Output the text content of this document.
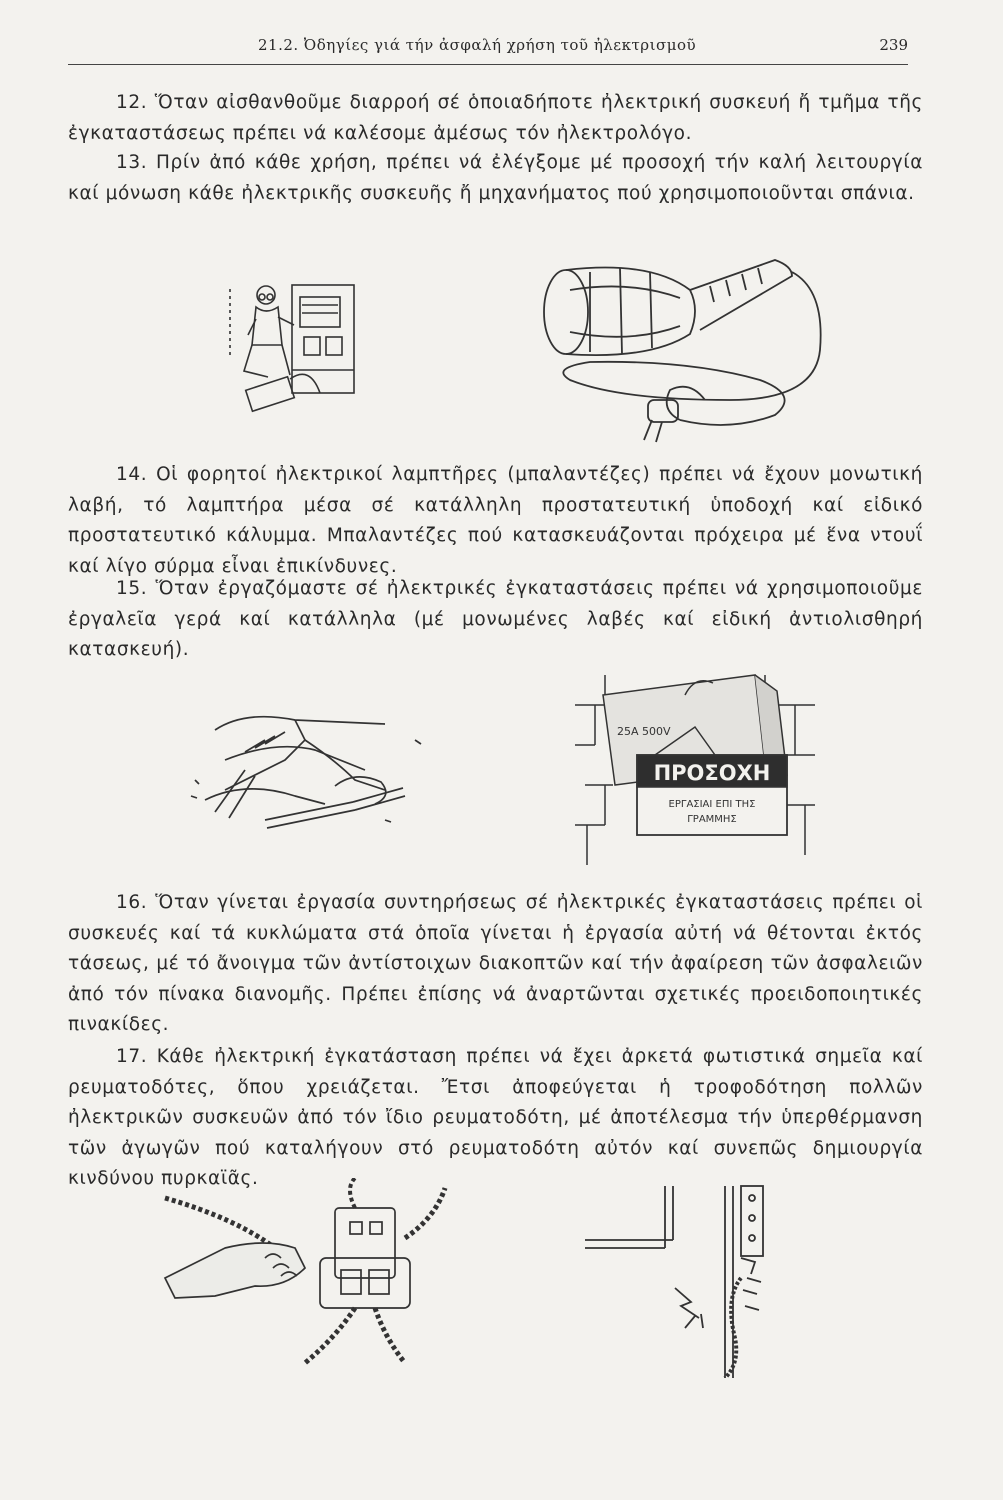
21.2. Ὀδηγίες γιά τήν ἀσφαλή χρήση τοῦ ἠλεκτρισμοῦ	239
12. Ὅταν αἰσθανθοῦμε διαρροή σέ ὁποιαδήποτε ἠλεκτρική συσκευή ἤ τμῆμα τῆς ἐγκαταστάσεως πρέπει νά καλέσομε ἀμέσως τόν ἠλεκτρολόγο.
13. Πρίν ἀπό κάθε χρήση, πρέπει νά ἐλέγξομε μέ προσοχή τήν καλή λειτουργία καί μόνωση κάθε ἠλεκτρικῆς συσκευῆς ἤ μηχανήματος πού χρησιμοποιοῦνται σπάνια.
14. Οἱ φορητοί ἠλεκτρικοί λαμπτῆρες (μπαλαντέζες) πρέπει νά ἔχουν μονωτική λαβή, τό λαμπτήρα μέσα σέ κατάλληλη προστατευτική ὑποδοχή καί εἰδικό προστατευτικό κάλυμμα. Μπαλαντέζες πού κατασκευάζονται πρόχειρα μέ ἕνα ντουΐ καί λίγο σύρμα εἶναι ἐπικίνδυνες.
15. Ὅταν ἐργαζόμαστε σέ ἠλεκτρικές ἐγκαταστάσεις πρέπει νά χρησιμοποιοῦμε ἐργαλεῖα γερά καί κατάλληλα (μέ μονωμένες λαβές καί εἰδική ἀντιολισθηρή κατασκευή).
25A 500V
ΠΡΟΣΟΧΗ
ΕΡΓΑΣΙΑΙ ΕΠΙ ΤΗΣ
ΓΡΑΜΜΗΣ
16. Ὅταν γίνεται ἐργασία συντηρήσεως σέ ἠλεκτρικές ἐγκαταστάσεις πρέπει οἱ συσκευές καί τά κυκλώματα στά ὁποῖα γίνεται ἡ ἐργασία αὐτή νά θέτονται ἐκτός τάσεως, μέ τό ἄνοιγμα τῶν ἀντίστοιχων διακοπτῶν καί τήν ἀφαίρεση τῶν ἀσφαλειῶν ἀπό τόν πίνακα διανομῆς. Πρέπει ἐπίσης νά ἀναρτῶνται σχετικές προειδοποιητικές πινακίδες.
17. Κάθε ἠλεκτρική ἐγκατάσταση πρέπει νά ἔχει ἀρκετά φωτιστικά σημεῖα καί ρευματοδότες, ὅπου χρειάζεται. Ἔτσι ἀποφεύγεται ἡ τροφοδότηση πολλῶν ἠλεκτρικῶν συσκευῶν ἀπό τόν ἴδιο ρευματοδότη, μέ ἀποτέλεσμα τήν ὑπερθέρμανση τῶν ἀγωγῶν πού καταλήγουν στό ρευματοδότη αὐτόν καί συνεπῶς δημιουργία κινδύνου πυρκαϊᾶς.
